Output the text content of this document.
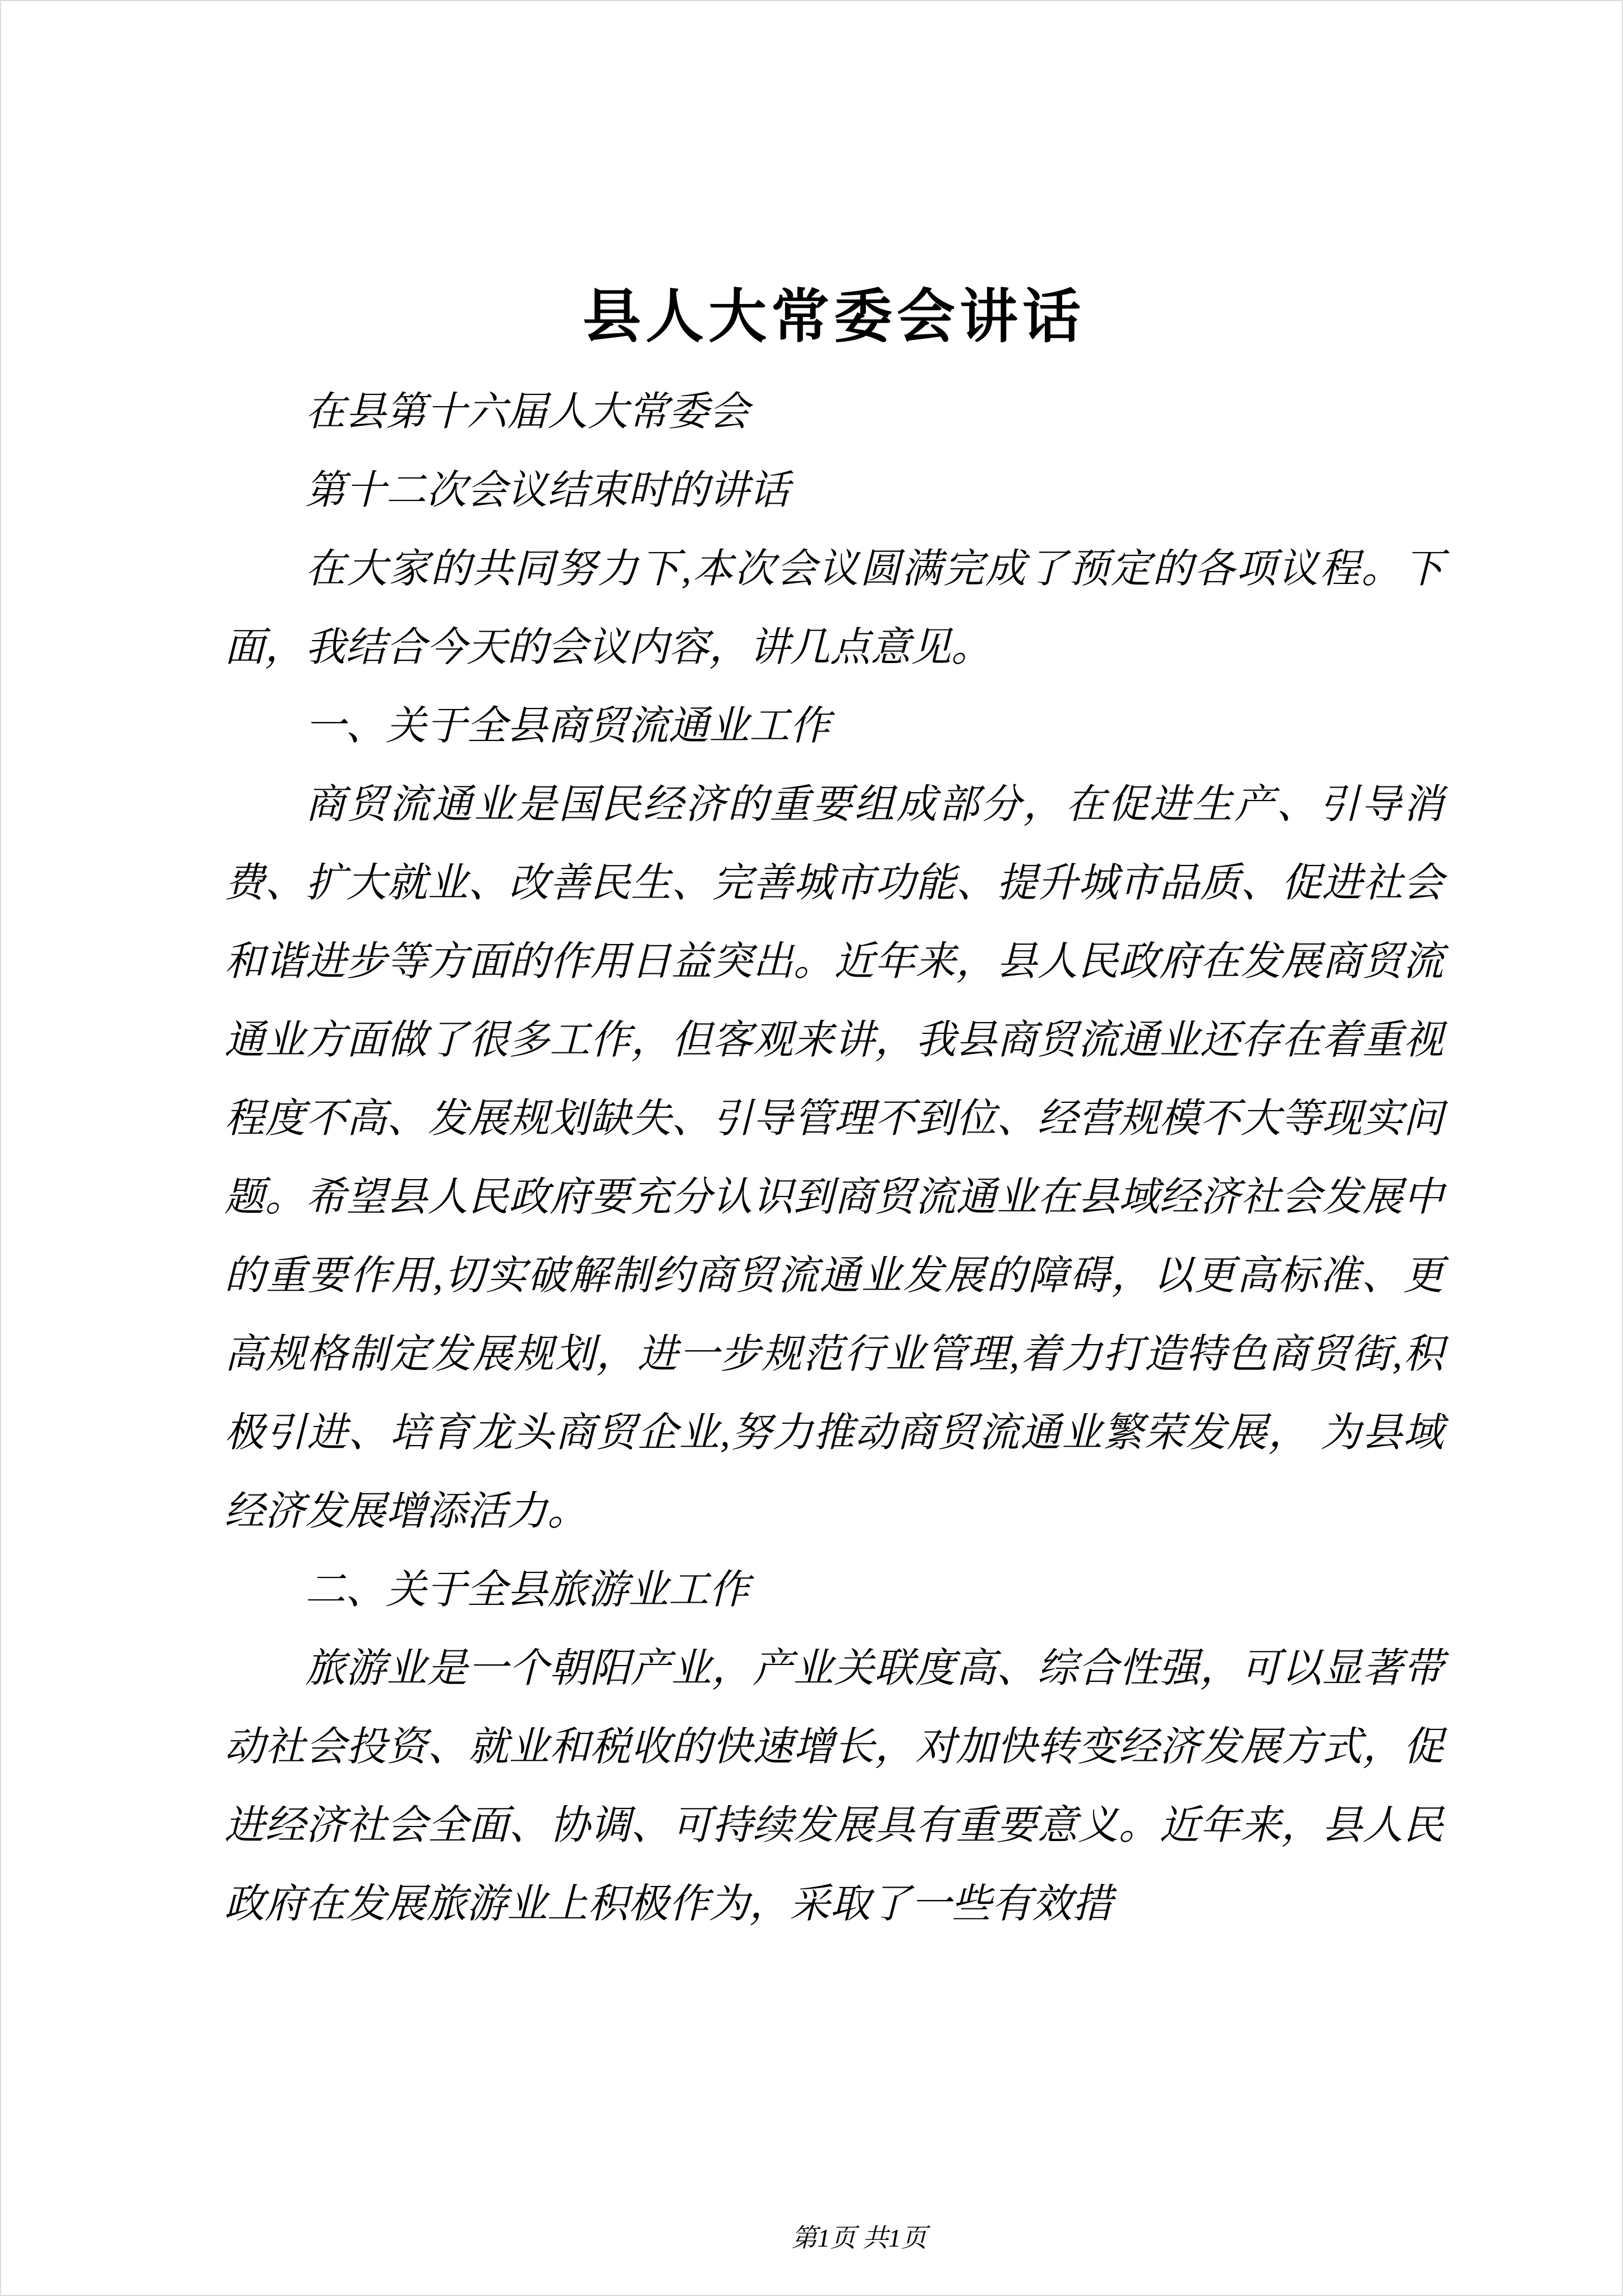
县人大常委会讲话

在县第十六届人大常委会

第十二次会议结束时的讲话

在大家的共同努力下,本次会议圆满完成了预定的各项议程。下面，我结合今天的会议内容，讲几点意见。

一、关于全县商贸流通业工作

商贸流通业是国民经济的重要组成部分，在促进生产、引导消费、扩大就业、改善民生、完善城市功能、提升城市品质、促进社会和谐进步等方面的作用日益突出。近年来，县人民政府在发展商贸流通业方面做了很多工作，但客观来讲，我县商贸流通业还存在着重视程度不高、发展规划缺失、引导管理不到位、经营规模不大等现实问题。希望县人民政府要充分认识到商贸流通业在县域经济社会发展中的重要作用,切实破解制约商贸流通业发展的障碍，以更高标准、更高规格制定发展规划，进一步规范行业管理,着力打造特色商贸街,积极引进、培育龙头商贸企业,努力推动商贸流通业繁荣发展， 为县域经济发展增添活力。

二、关于全县旅游业工作

旅游业是一个朝阳产业，产业关联度高、综合性强，可以显著带动社会投资、就业和税收的快速增长，对加快转变经济发展方式，促进经济社会全面、协调、可持续发展具有重要意义。近年来，县人民政府在发展旅游业上积极作为，采取了一些有效措

第1页 共1页
